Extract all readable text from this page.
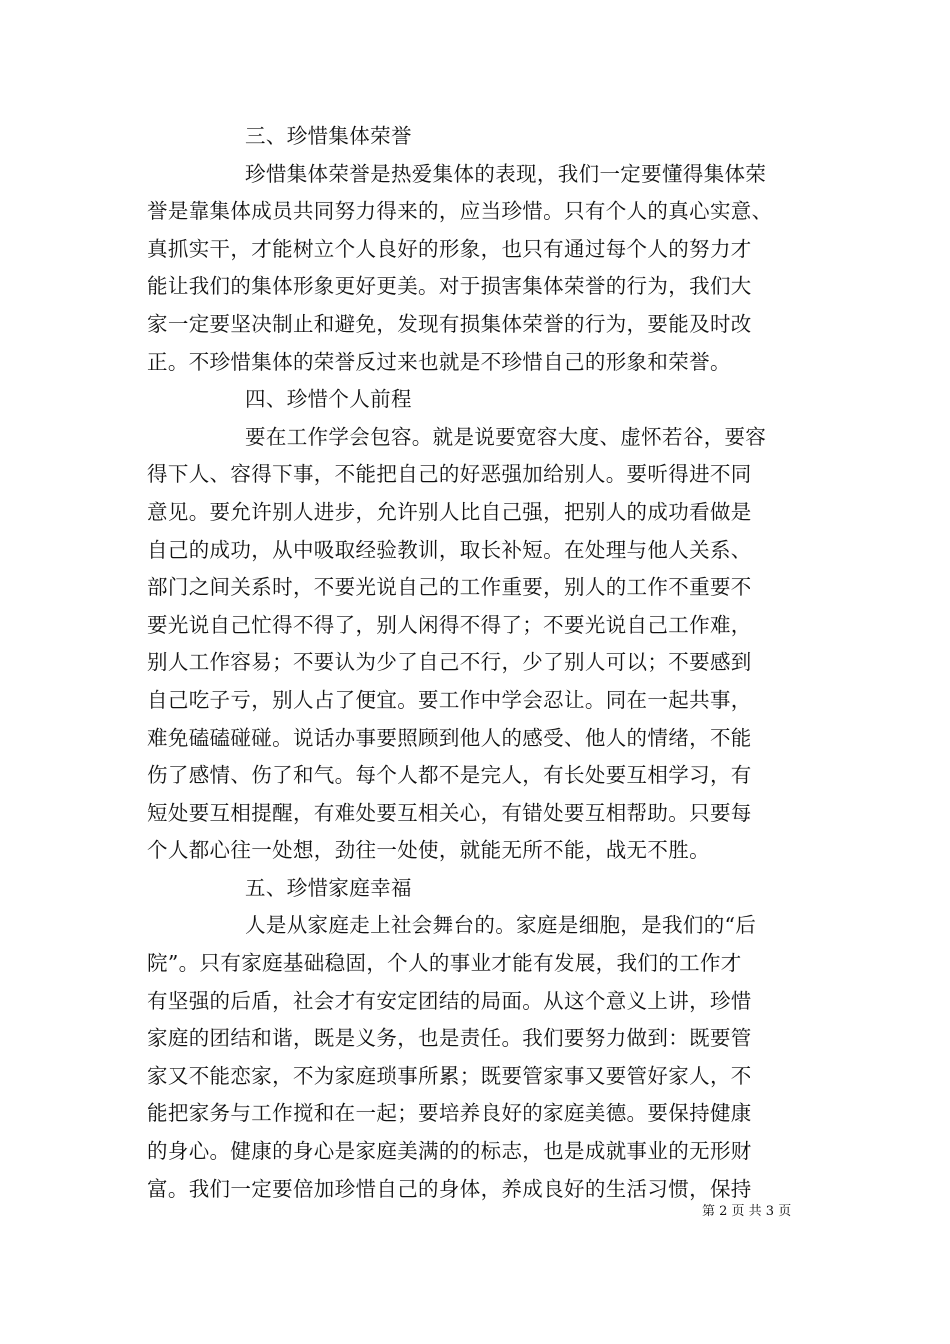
三、珍惜集体荣誉
珍惜集体荣誉是热爱集体的表现，我们一定要懂得集体荣
誉是靠集体成员共同努力得来的，应当珍惜。只有个人的真心实意、
真抓实干，才能树立个人良好的形象，也只有通过每个人的努力才
能让我们的集体形象更好更美。对于损害集体荣誉的行为，我们大
家一定要坚决制止和避免，发现有损集体荣誉的行为，要能及时改
正。不珍惜集体的荣誉反过来也就是不珍惜自己的形象和荣誉。
四、珍惜个人前程
要在工作学会包容。就是说要宽容大度、虚怀若谷，要容
得下人、容得下事，不能把自己的好恶强加给别人。要听得进不同
意见。要允许别人进步，允许别人比自己强，把别人的成功看做是
自己的成功，从中吸取经验教训，取长补短。在处理与他人关系、
部门之间关系时，不要光说自己的工作重要，别人的工作不重要不
要光说自己忙得不得了，别人闲得不得了；不要光说自己工作难，
别人工作容易；不要认为少了自己不行，少了别人可以；不要感到
自己吃子亏，别人占了便宜。要工作中学会忍让。同在一起共事，
难免磕磕碰碰。说话办事要照顾到他人的感受、他人的情绪，不能
伤了感情、伤了和气。每个人都不是完人，有长处要互相学习，有
短处要互相提醒，有难处要互相关心，有错处要互相帮助。只要每
个人都心往一处想，劲往一处使，就能无所不能，战无不胜。
五、珍惜家庭幸福
人是从家庭走上社会舞台的。家庭是细胞，是我们的“后
院”。只有家庭基础稳固，个人的事业才能有发展，我们的工作才
有坚强的后盾，社会才有安定团结的局面。从这个意义上讲，珍惜
家庭的团结和谐，既是义务，也是责任。我们要努力做到：既要管
家又不能恋家，不为家庭琐事所累；既要管家事又要管好家人，不
能把家务与工作搅和在一起；要培养良好的家庭美德。要保持健康
的身心。健康的身心是家庭美满的的标志，也是成就事业的无形财
富。我们一定要倍加珍惜自己的身体，养成良好的生活习惯，保持
第 2 页 共 3 页
